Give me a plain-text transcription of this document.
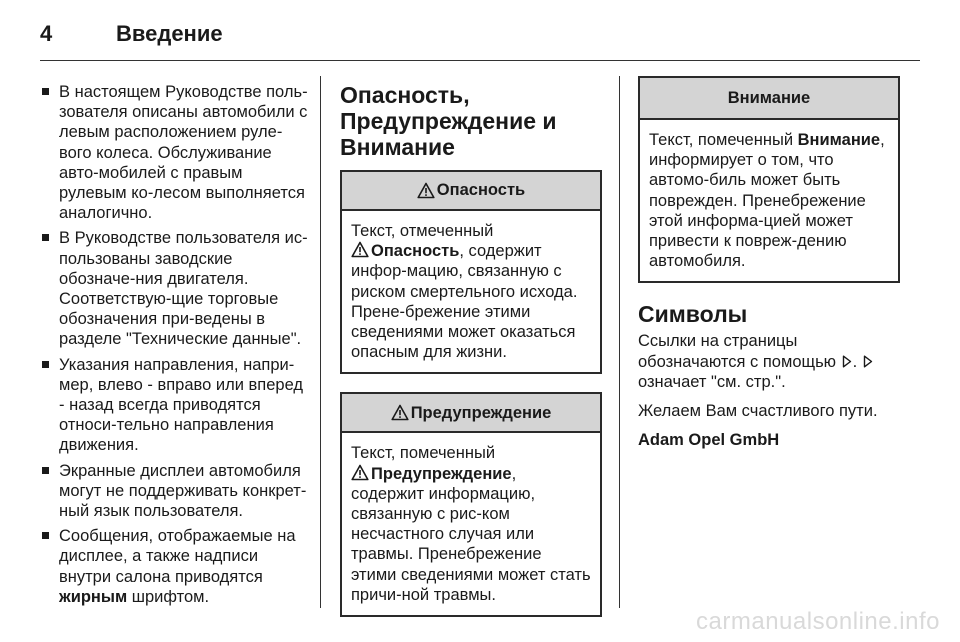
4	Введение
В настоящем Руководстве поль-зователя описаны автомобили с левым расположением руле-вого колеса. Обслуживание авто-мобилей с правым рулевым ко-лесом выполняется аналогично.
В Руководстве пользователя ис-пользованы заводские обозначе-ния двигателя. Соответствую-щие торговые обозначения при-ведены в разделе "Технические данные".
Указания направления, напри-мер, влево - вправо или вперед - назад всегда приводятся относи-тельно направления движения.
Экранные дисплеи автомобиля могут не поддерживать конкрет-ный язык пользователя.
Сообщения, отображаемые на дисплее, а также надписи внутри салона приводятся жирным шрифтом.
Опасность, Предупреждение и Внимание
Опасность
Текст, отмеченный
Опасность, содержит инфор-мацию, связанную с риском смертельного исхода. Прене-брежение этими сведениями может оказаться опасным для жизни.
Предупреждение
Текст, помеченный
Предупреждение, содержит информацию, связанную с рис-ком несчастного случая или травмы. Пренебрежение этими сведениями может стать причи-ной травмы.
Внимание
Текст, помеченный Внимание, информирует о том, что автомо-биль может быть поврежден. Пренебрежение этой информа-цией может привести к повреж-дению автомобиля.
Символы

Ссылки на страницы обозначаются с помощью .  означает "см. стр.".

Желаем Вам счастливого пути.

Adam Opel GmbH

carmanualsonline.info
